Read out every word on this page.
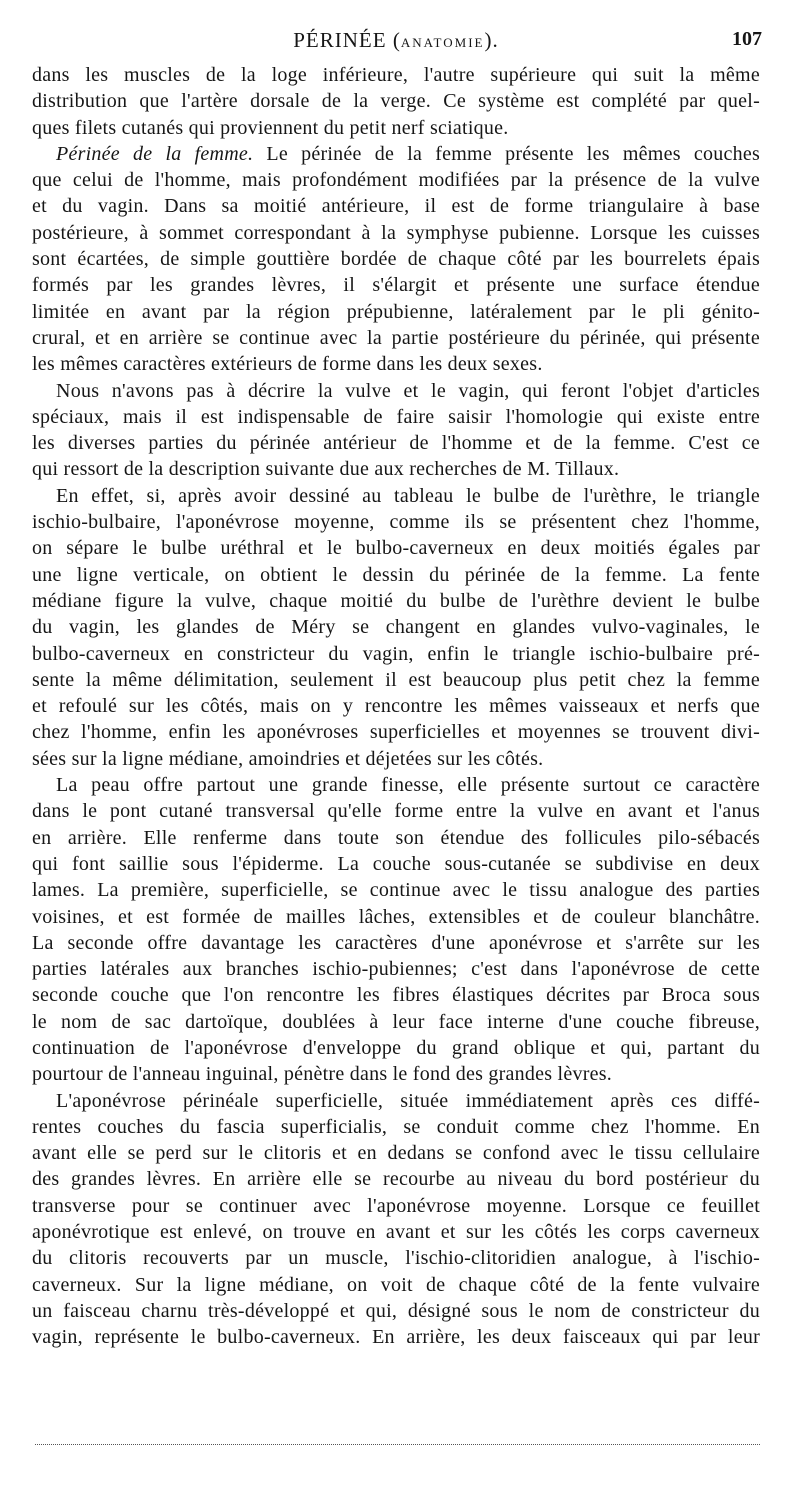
PÉRINÉE (ANATOMIE).	107
dans les muscles de la loge inférieure, l'autre supérieure qui suit la même
distribution que l'artère dorsale de la verge. Ce système est complété par quel-
ques filets cutanés qui proviennent du petit nerf sciatique.
Périnée de la femme. Le périnée de la femme présente les mêmes couches
que celui de l'homme, mais profondément modifiées par la présence de la vulve
et du vagin. Dans sa moitié antérieure, il est de forme triangulaire à base
postérieure, à sommet correspondant à la symphyse pubienne. Lorsque les cuisses
sont écartées, de simple gouttière bordée de chaque côté par les bourrelets épais
formés par les grandes lèvres, il s'élargit et présente une surface étendue
limitée en avant par la région prépubienne, latéralement par le pli génito-
crural, et en arrière se continue avec la partie postérieure du périnée, qui présente
les mêmes caractères extérieurs de forme dans les deux sexes.
Nous n'avons pas à décrire la vulve et le vagin, qui feront l'objet d'articles
spéciaux, mais il est indispensable de faire saisir l'homologie qui existe entre
les diverses parties du périnée antérieur de l'homme et de la femme. C'est ce
qui ressort de la description suivante due aux recherches de M. Tillaux.
En effet, si, après avoir dessiné au tableau le bulbe de l'urèthre, le triangle
ischio-bulbaire, l'aponévrose moyenne, comme ils se présentent chez l'homme,
on sépare le bulbe uréthral et le bulbo-caverneux en deux moitiés égales par
une ligne verticale, on obtient le dessin du périnée de la femme. La fente
médiane figure la vulve, chaque moitié du bulbe de l'urèthre devient le bulbe
du vagin, les glandes de Méry se changent en glandes vulvo-vaginales, le
bulbo-caverneux en constricteur du vagin, enfin le triangle ischio-bulbaire pré-
sente la même délimitation, seulement il est beaucoup plus petit chez la femme
et refoulé sur les côtés, mais on y rencontre les mêmes vaisseaux et nerfs que
chez l'homme, enfin les aponévroses superficielles et moyennes se trouvent divi-
sées sur la ligne médiane, amoindries et déjetées sur les côtés.
La peau offre partout une grande finesse, elle présente surtout ce caractère
dans le pont cutané transversal qu'elle forme entre la vulve en avant et l'anus
en arrière. Elle renferme dans toute son étendue des follicules pilo-sébacés
qui font saillie sous l'épiderme. La couche sous-cutanée se subdivise en deux
lames. La première, superficielle, se continue avec le tissu analogue des parties
voisines, et est formée de mailles lâches, extensibles et de couleur blanchâtre.
La seconde offre davantage les caractères d'une aponévrose et s'arrête sur les
parties latérales aux branches ischio-pubiennes; c'est dans l'aponévrose de cette
seconde couche que l'on rencontre les fibres élastiques décrites par Broca sous
le nom de sac dartoïque, doublées à leur face interne d'une couche fibreuse,
continuation de l'aponévrose d'enveloppe du grand oblique et qui, partant du
pourtour de l'anneau inguinal, pénètre dans le fond des grandes lèvres.
L'aponévrose périnéale superficielle, située immédiatement après ces diffé-
rentes couches du fascia superficialis, se conduit comme chez l'homme. En
avant elle se perd sur le clitoris et en dedans se confond avec le tissu cellulaire
des grandes lèvres. En arrière elle se recourbe au niveau du bord postérieur du
transverse pour se continuer avec l'aponévrose moyenne. Lorsque ce feuillet
aponévrotique est enlevé, on trouve en avant et sur les côtés les corps caverneux
du clitoris recouverts par un muscle, l'ischio-clitoridien analogue, à l'ischio-
caverneux. Sur la ligne médiane, on voit de chaque côté de la fente vulvaire
un faisceau charnu très-développé et qui, désigné sous le nom de constricteur du
vagin, représente le bulbo-caverneux. En arrière, les deux faisceaux qui par leur
